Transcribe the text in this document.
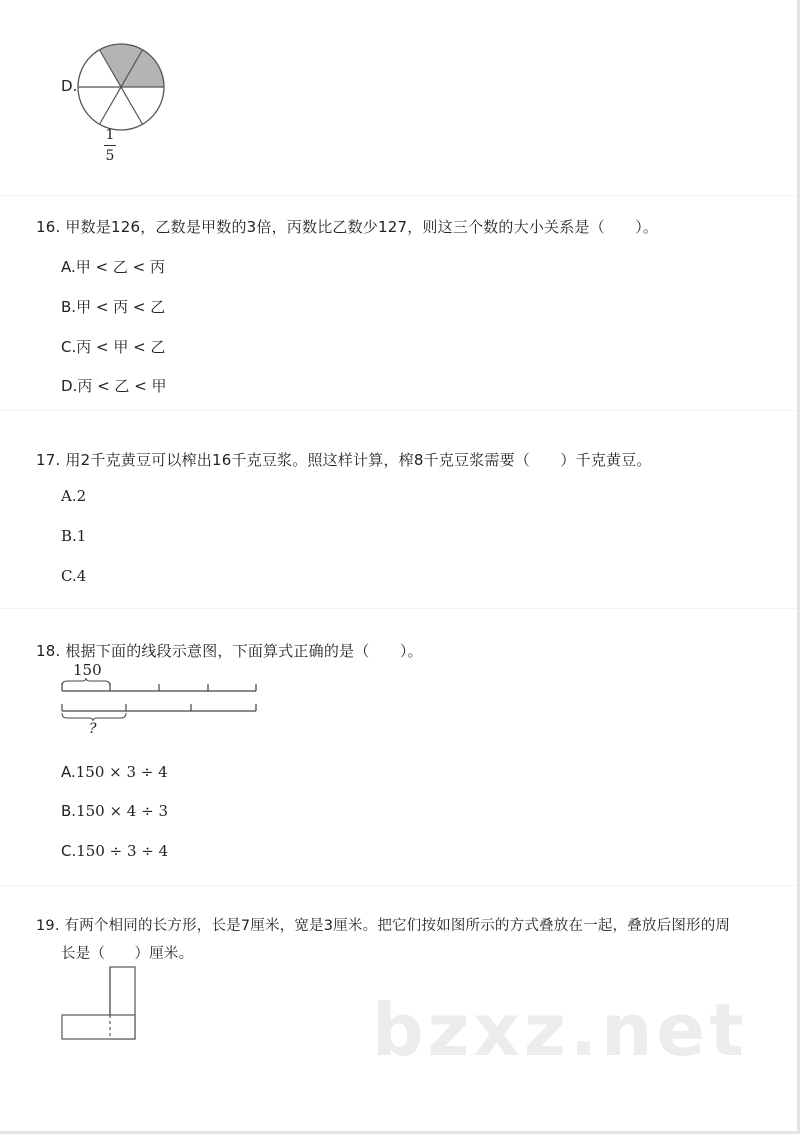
D.
1
5
16. 甲数是126，乙数是甲数的3倍，丙数比乙数少127，则这三个数的大小关系是（　　）。
A.甲 < 乙 < 丙
B.甲 < 丙 < 乙
C.丙 < 甲 < 乙
D.丙 < 乙 < 甲
17. 用2千克黄豆可以榨出16千克豆浆。照这样计算，榨8千克豆浆需要（　　）千克黄豆。
A.2
B.1
C.4
18. 根据下面的线段示意图，下面算式正确的是（　　）。
150
?
A.150 × 3 ÷ 4
B.150 × 4 ÷ 3
C.150 ÷ 3 ÷ 4
19. 有两个相同的长方形，长是7厘米，宽是3厘米。把它们按如图所示的方式叠放在一起，叠放后图形的周
长是（　　）厘米。
bzxz.net
